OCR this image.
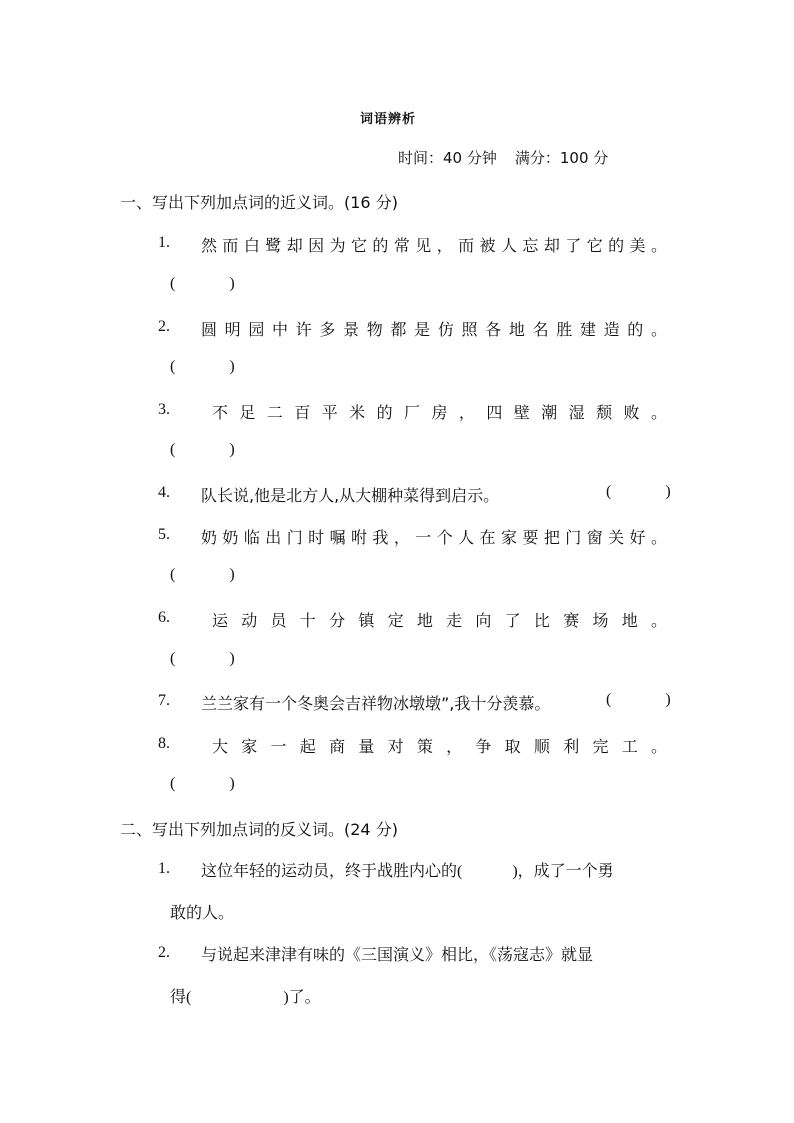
词语辨析
时间：40 分钟 满分：100 分
一、写出下列加点词的近义词。(16 分)
1. 然而白鹭却因为它的常见，而被人忘却了它的美。
(	)
2. 圆明园中许多景物都是仿照各地名胜建造的。
(	)
3.	不足二百平米的厂房，四壁潮湿颓败。
(	)
4. 队长说,他是北方人,从大棚种菜得到启示。	(	)
5. 奶奶临出门时嘱咐我，一个人在家要把门窗关好。
(	)
6.	运动员十分镇定地走向了比赛场地。
(	)
7. 兰兰家有一个冬奥会吉祥物冰墩墩”,我十分羡慕。	(	)
8.	大家一起商量对策，争取顺利完工。
(	)
二、写出下列加点词的反义词。(24 分)
1. 这位年轻的运动员，终于战胜内心的(	)，成了一个勇
敢的人。
2. 与说起来津津有味的《三国演义》相比，《荡寇志》就显
得(	)了。
